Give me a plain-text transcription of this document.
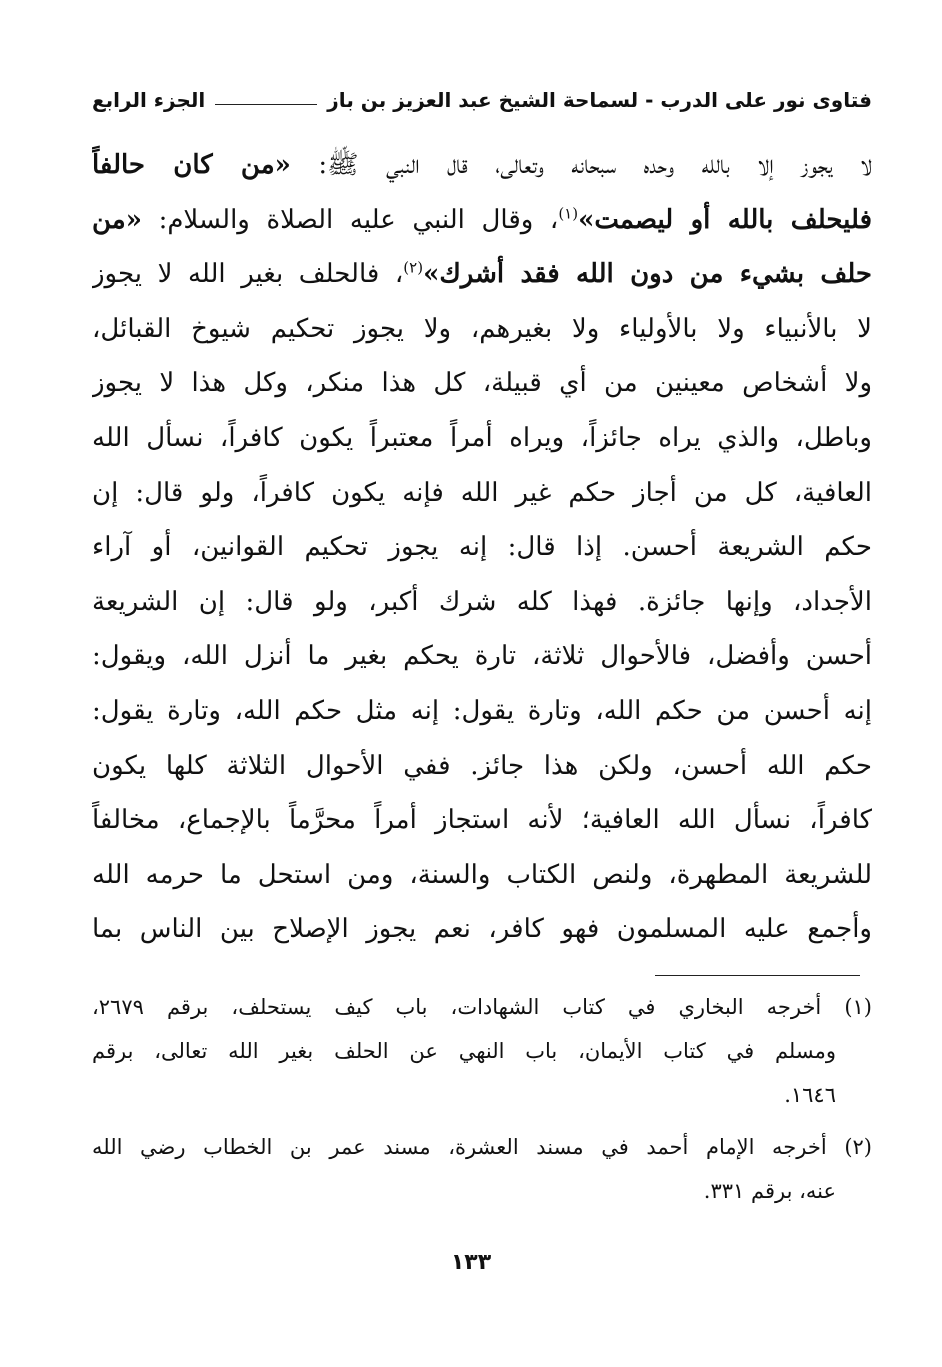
فتاوى نور على الدرب - لسماحة الشيخ عبد العزيز بن باز
الجزء الرابع
لا يجوز إلا بالله وحده سبحانه وتعالى، قال النبي ﷺ: «من كان حالفاً
فليحلف بالله أو ليصمت»$^{(١)}$، وقال النبي عليه الصلاة والسلام: «من
حلف بشيء من دون الله فقد أشرك»$^{(٢)}$، فالحلف بغير الله لا يجوز
لا بالأنبياء ولا بالأولياء ولا بغيرهم، ولا يجوز تحكيم شيوخ القبائل،
ولا أشخاص معينين من أي قبيلة، كل هذا منكر، وكل هذا لا يجوز
وباطل، والذي يراه جائزاً، ويراه أمراً معتبراً يكون كافراً، نسأل الله
العافية، كل من أجاز حكم غير الله فإنه يكون كافراً، ولو قال: إن
حكم الشريعة أحسن. إذا قال: إنه يجوز تحكيم القوانين، أو آراء
الأجداد، وإنها جائزة. فهذا كله شرك أكبر، ولو قال: إن الشريعة
أحسن وأفضل، فالأحوال ثلاثة، تارة يحكم بغير ما أنزل الله، ويقول:
إنه أحسن من حكم الله، وتارة يقول: إنه مثل حكم الله، وتارة يقول:
حكم الله أحسن، ولكن هذا جائز. ففي الأحوال الثلاثة كلها يكون
كافراً، نسأل الله العافية؛ لأنه استجاز أمراً محرَّماً بالإجماع، مخالفاً
للشريعة المطهرة، ولنص الكتاب والسنة، ومن استحل ما حرمه الله
وأجمع عليه المسلمون فهو كافر، نعم يجوز الإصلاح بين الناس بما
(١) أخرجه البخاري في كتاب الشهادات، باب كيف يستحلف، برقم ٢٦٧٩،
ومسلم في كتاب الأيمان، باب النهي عن الحلف بغير الله تعالى، برقم
١٦٤٦.
(٢) أخرجه الإمام أحمد في مسند العشرة، مسند عمر بن الخطاب رضي الله
عنه، برقم ٣٣١.
١٣٣
